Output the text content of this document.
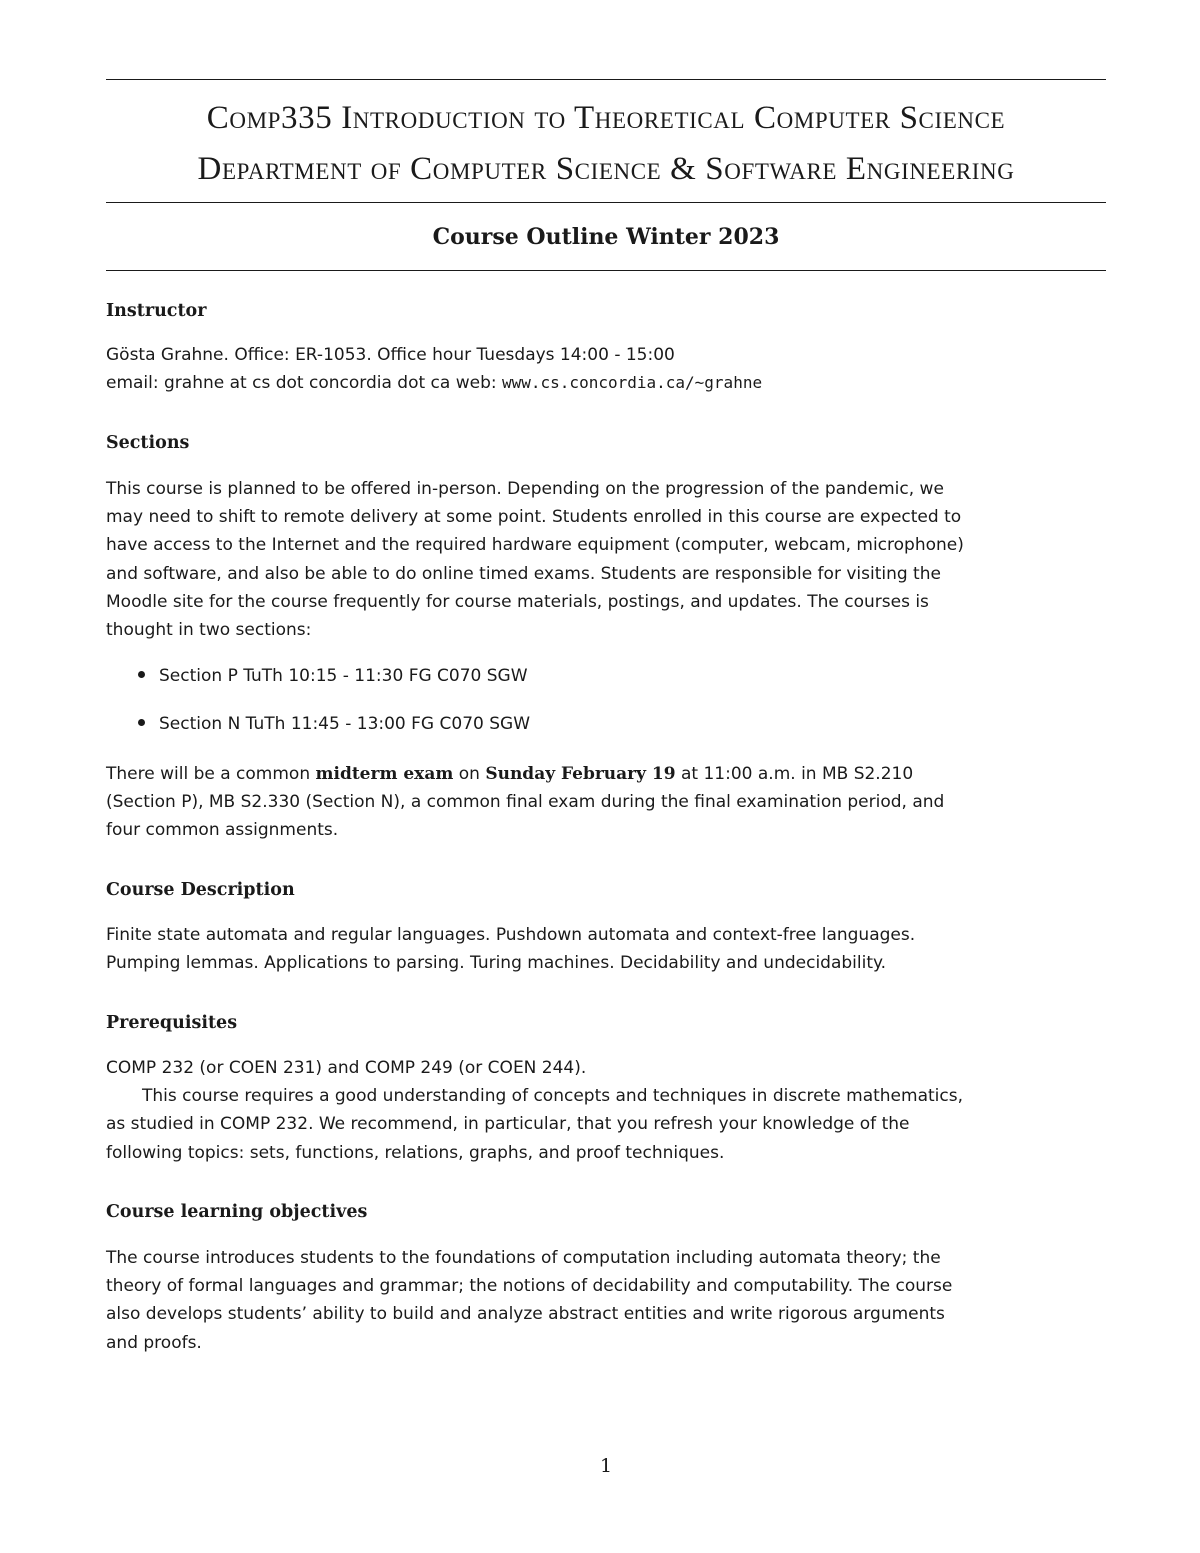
Comp335 Introduction to Theoretical Computer Science
Department of Computer Science & Software Engineering
Course Outline Winter 2023
Instructor
Gösta Grahne. Office: ER-1053. Office hour Tuesdays 14:00 - 15:00
email: grahne at cs dot concordia dot ca web: www.cs.concordia.ca/~grahne
Sections
This course is planned to be offered in-person. Depending on the progression of the pandemic, we
may need to shift to remote delivery at some point. Students enrolled in this course are expected to
have access to the Internet and the required hardware equipment (computer, webcam, microphone)
and software, and also be able to do online timed exams. Students are responsible for visiting the
Moodle site for the course frequently for course materials, postings, and updates. The courses is
thought in two sections:
Section P TuTh 10:15 - 11:30 FG C070 SGW
Section N TuTh 11:45 - 13:00 FG C070 SGW
There will be a common midterm exam on Sunday February 19 at 11:00 a.m. in MB S2.210
(Section P), MB S2.330 (Section N), a common final exam during the final examination period, and
four common assignments.
Course Description
Finite state automata and regular languages. Pushdown automata and context-free languages.
Pumping lemmas. Applications to parsing. Turing machines. Decidability and undecidability.
Prerequisites
COMP 232 (or COEN 231) and COMP 249 (or COEN 244).
This course requires a good understanding of concepts and techniques in discrete mathematics,
as studied in COMP 232. We recommend, in particular, that you refresh your knowledge of the
following topics: sets, functions, relations, graphs, and proof techniques.
Course learning objectives
The course introduces students to the foundations of computation including automata theory; the
theory of formal languages and grammar; the notions of decidability and computability. The course
also develops students’ ability to build and analyze abstract entities and write rigorous arguments
and proofs.
1
